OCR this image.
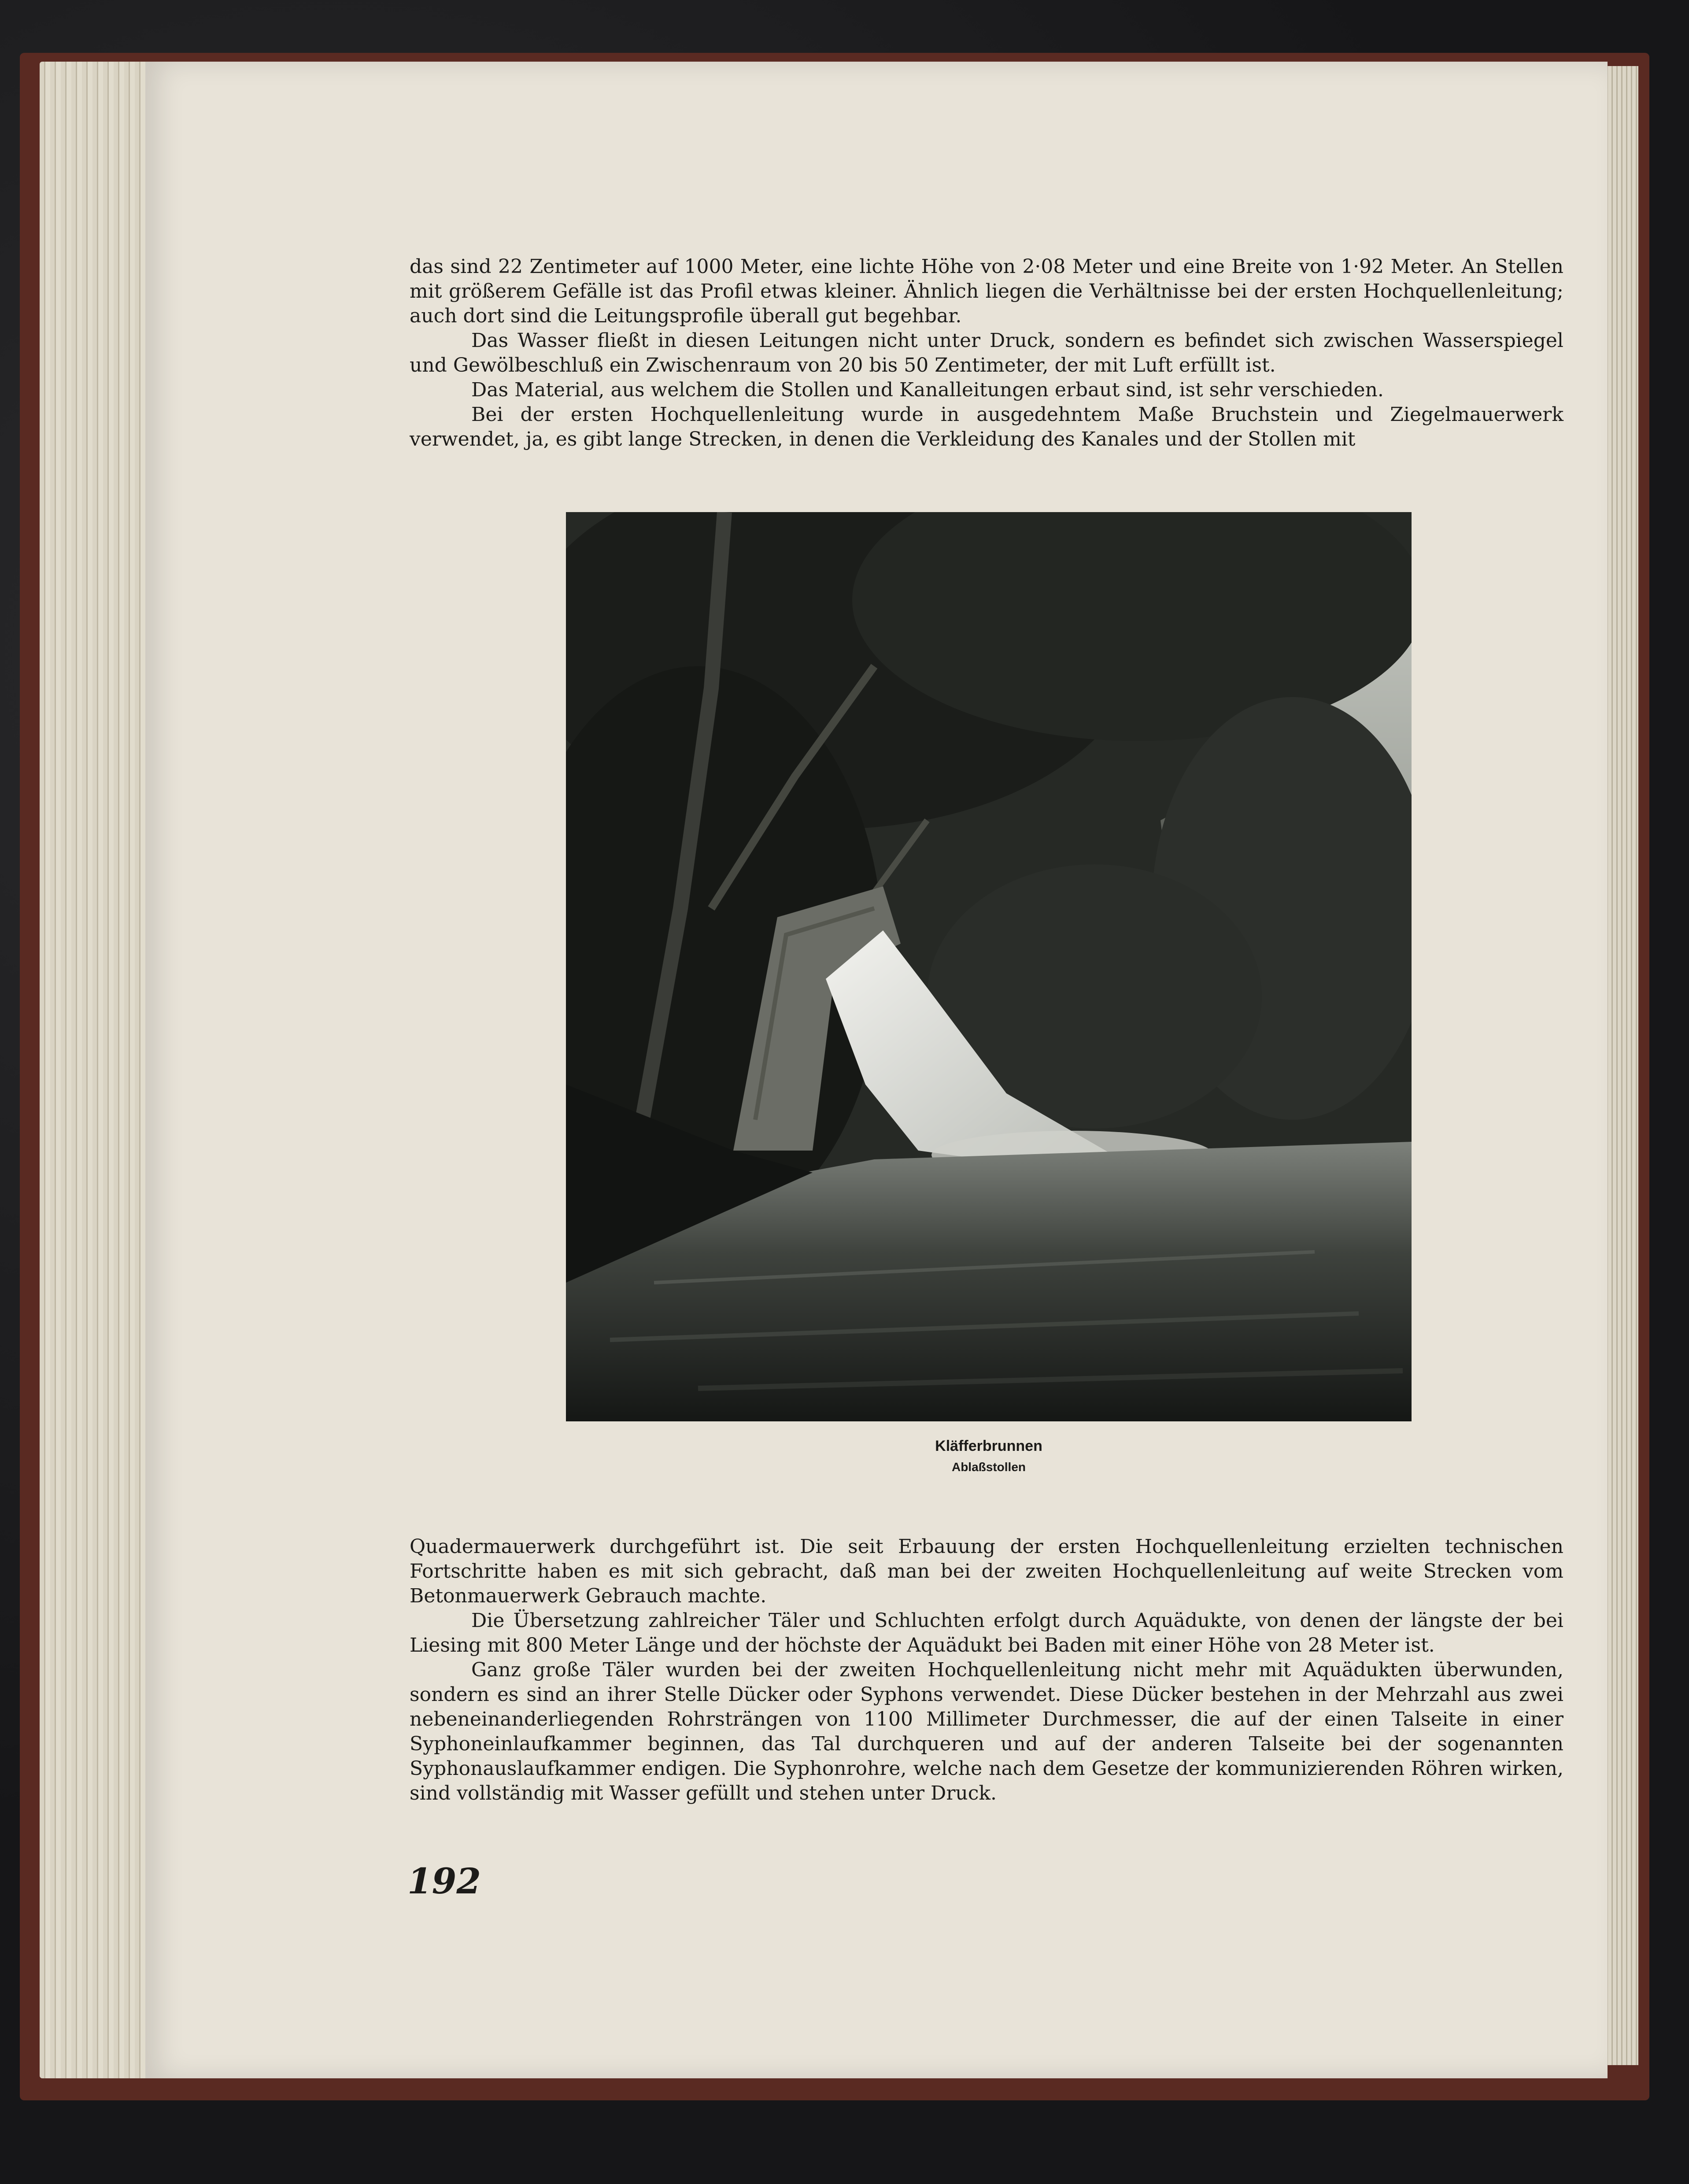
das sind 22 Zentimeter auf 1000 Meter, eine lichte Höhe von 2·08 Meter und eine Breite von 1·92 Meter. An Stellen mit größerem Gefälle ist das Profil etwas kleiner. Ähnlich liegen die Verhältnisse bei der ersten Hochquellenleitung; auch dort sind die Leitungsprofile überall gut begehbar.

Das Wasser fließt in diesen Leitungen nicht unter Druck, sondern es befindet sich zwischen Wasserspiegel und Gewölbeschluß ein Zwischenraum von 20 bis 50 Zentimeter, der mit Luft erfüllt ist.

Das Material, aus welchem die Stollen und Kanalleitungen erbaut sind, ist sehr verschieden.

Bei der ersten Hochquellenleitung wurde in ausgedehntem Maße Bruchstein und Ziegelmauerwerk verwendet, ja, es gibt lange Strecken, in denen die Verkleidung des Kanales und der Stollen mit

Kläfferbrunnen
Ablaßstollen

Quadermauerwerk durchgeführt ist. Die seit Erbauung der ersten Hochquellenleitung erzielten technischen Fortschritte haben es mit sich gebracht, daß man bei der zweiten Hochquellenleitung auf weite Strecken vom Betonmauerwerk Gebrauch machte.

Die Übersetzung zahlreicher Täler und Schluchten erfolgt durch Aquädukte, von denen der längste der bei Liesing mit 800 Meter Länge und der höchste der Aquädukt bei Baden mit einer Höhe von 28 Meter ist.

Ganz große Täler wurden bei der zweiten Hochquellenleitung nicht mehr mit Aquädukten überwunden, sondern es sind an ihrer Stelle Dücker oder Syphons verwendet. Diese Dücker bestehen in der Mehrzahl aus zwei nebeneinanderliegenden Rohrsträngen von 1100 Millimeter Durchmesser, die auf der einen Talseite in einer Syphoneinlaufkammer beginnen, das Tal durchqueren und auf der anderen Talseite bei der sogenannten Syphonauslaufkammer endigen. Die Syphonrohre, welche nach dem Gesetze der kommunizierenden Röhren wirken, sind vollständig mit Wasser gefüllt und stehen unter Druck.

192
